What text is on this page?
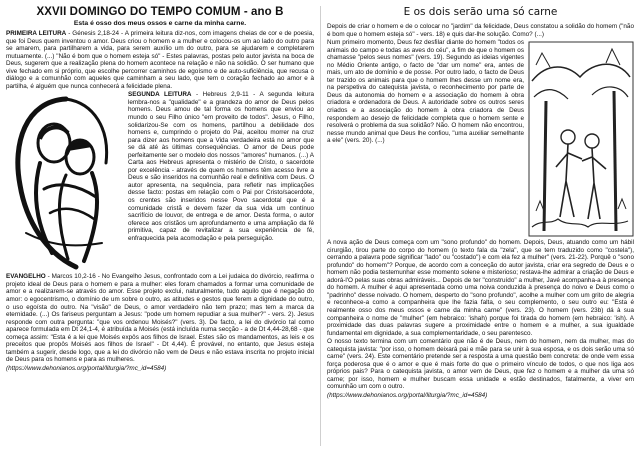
XXVII DOMINGO DO TEMPO COMUM - ano B
Esta é osso dos meus ossos e carne da minha carne.

PRIMEIRA LEITURA - Génesis 2,18-24 - A primeira leitura diz-nos, com imagens cheias de cor e de poesia, que foi Deus quem inventou o amor. Deus criou o homem e a mulher e colocou-os um ao lado do outro para se amarem, para partilharem a vida, para serem auxílio um do outro, para se ajudarem e completarem mutuamente. (...) "Não é bom que o homem esteja só" - Estes palavras, postas pelo autor javista na boca de Deus, sugerem que a realização plena do homem acontece na relação e não na solidão. O ser humano que vive fechado em si próprio, que escolhe percorrer caminhos de egoísmo e de auto-suficiência, que recusa o diálogo e a comunhão com aqueles que caminham a seu lado, que tem o coração fechado ao amor e à partilha, é alguém que nunca conhecerá a felicidade plena.

SEGUNDA LEITURA - Hebreus 2,9-11 - A segunda leitura lembra-nos a "qualidade" e a grandeza do amor de Deus pelos homens. Deus amou de tal forma os homens que enviou ao mundo o seu Filho único "em proveito de todos". Jesus, o Filho, solidarizou-Se com os homens, partilhou a debilidade dos homens e, cumprindo o projeto do Pai, aceitou morrer na cruz para dizer aos homens que a Vida verdadeira está no amor que se dá até às últimas consequências. O amor de Deus pode perfeitamente ser o modelo dos nossos "amores" humanos. (...) A Carta aos Hebreus apresenta o mistério de Cristo, o sacerdote por excelência - através de quem os homens têm acesso livre a Deus e são inseridos na comunhão real e definitiva com Deus. O autor apresenta, na sequência, para refletir nas implicações desse facto: postas em relação com o Pai por Cristo/sacerdote, os crentes são inseridos nesse Povo sacerdotal que é a comunidade cristã e devem fazer da sua vida um contínuo sacrifício de louvor, de entrega e de amor. Desta forma, o autor oferece aos cristãos um aprofundamento e uma ampliação da fé primitiva, capaz de revitalizar a sua experiência de fé, enfraquecida pela acomodação e pela perseguição.

EVANGELHO - Marcos 10,2-16 - No Evangelho Jesus, confrontado com a Lei judaica do divórcio, reafirma o projeto ideal de Deus para o homem e para a mulher: eles foram chamados a formar uma comunidade de amor e a realizarem-se através do amor. Esse projeto exclui, naturalmente, tudo aquilo que é negação do amor: o egocentrismo, o domínio de um sobre o outro, as atitudes e gestos que ferem a dignidade do outro, o uso egoísta do outro. Na "visão" de Deus, o amor verdadeiro não tem prazo; mas tem a marca da eternidade. (...) Os fariseus perguntam a Jesus: "pode um homem repudiar a sua mulher?" - vers. 2). Jesus responde com outra pergunta: "que vos ordenou Moisés?" (vers. 3). De facto, a lei do divórcio tal como aparece formulada em Dt 24,1-4, é atribuída a Moisés (está incluída numa secção - a de Dt 4,44-28,68 - que começa assim: "Esta é a lei que Moisés expôs aos filhos de Israel. Estes são os mandamentos, as leis e os preceitos que propôs Moisés aos filhos de Israel" - Dt 4,44). É provável, no entanto, que Jesus esteja também a sugerir, desde logo, que a lei do divórcio não vem de Deus e não estava inscrita no projeto inicial de Deus para os homens e para as mulheres.

(https://www.dehonianos.org/portal/liturgia/?mc_id=4584)

E os dois serão uma só carne

Depois de criar o homem e de o colocar no "jardim" da felicidade, Deus constatou a solidão do homem ("não é bom que o homem esteja só" - vers. 18) e quis dar-lhe solução. Como? (...)

Num primeiro momento, Deus fez desfilar diante do homem "todos os animais do campo e todas as aves do céu", a fim de que o homem os chamasse "pelos seus nomes" (vers. 19). Segundo as ideias vigentes no Médio Oriente antigo, o facto de "dar um nome" era, antes de mais, um ato de domínio e de posse. Por outro lado, o facto de Deus ter trazido os animais para que o homem lhes desse um nome era, na perspetiva do catequista javista, o reconhecimento por parte de Deus da autonomia do homem e a associação do homem à obra criadora e ordenadora de Deus. A autoridade sobre os outros seres criados e a associação do homem à obra criadora de Deus respondem ao desejo de felicidade completa que o homem sente e resolverá o problema da sua solidão? Não. O homem não encontrou, nesse mundo animal que Deus lhe confiou, "uma auxiliar semelhante a ele" (vers. 20). (...)

A nova ação de Deus começa com um "sono profundo" do homem. Depois, Deus, atuando como um hábil cirurgião, tirou parte do corpo do homem (o texto fala da "zela", que se tem traduzido como "costela"), cerrando a palavra pode significar "lado" ou "costado") e com ela fez a mulher" (vers. 21-22). Porquê o "sono profundo" do homem"? Porque, de acordo com a conceção do autor javista, criar era segredo de Deus e o homem não podia testemunhar esse momento solene e misterioso; restava-lhe admirar a criação de Deus e adorá-l'O pelas suas obras admiráveis... Depois de ter "construído" a mulher, Javé acompanha-a à presença do homem. A mulher é aqui apresentada como uma noiva conduzida à presença do noivo e Deus como o "padrinho" desse noivado. O homem, desperto do "sono profundo", acolhe a mulher com um grito de alegria e reconhece-a como a companheira que lhe fazia falta, o seu complemento, o seu outro eu: "Esta é realmente osso dos meus ossos e carne da minha carne" (vers. 23). O homem (vers. 23b) dá à sua companheira o nome de "mulher" (em hebraico: 'ishah) porque foi tirada do homem (em hebraico: 'ish). A proximidade das duas palavras sugere a proximidade entre o homem e a mulher, a sua igualdade fundamental em dignidade, a sua complementaridade, o seu parentesco.

O nosso texto termina com um comentário que não é de Deus, nem do homem, nem da mulher, mas do catequista javista: "por isso, o homem deixará pai e mãe para se unir à sua esposa, e os dois serão uma só carne" (vers. 24). Este comentário pretende ser a resposta a uma questão bem concreta: de onde vem essa força poderosa que é o amor e que é mais forte do que o primeiro vínculo de todos, o que nos liga aos próprios pais? Para o catequista javista, o amor vem de Deus, que fez o homem e a mulher da uma só carne; por isso, homem e mulher buscam essa unidade e estão destinados, fatalmente, a viver em comunhão um com o outro.

(https://www.dehonianos.org/portal/liturgia/?mc_id=4584)
